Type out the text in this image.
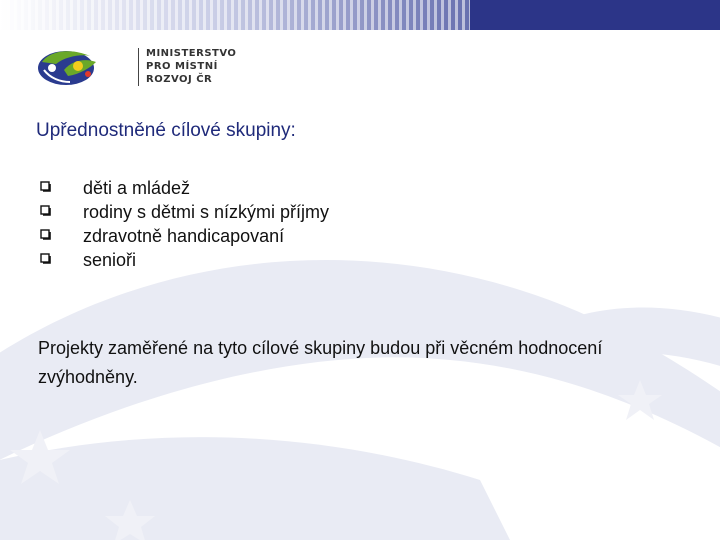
MINISTERSTVO
PRO MÍSTNÍ
ROZVOJ ČR
Upřednostněné cílové skupiny:
děti a mládež
rodiny s dětmi s nízkými příjmy
zdravotně handicapovaní
senioři
Projekty zaměřené na tyto cílové skupiny budou při věcném hodnocení zvýhodněny.
